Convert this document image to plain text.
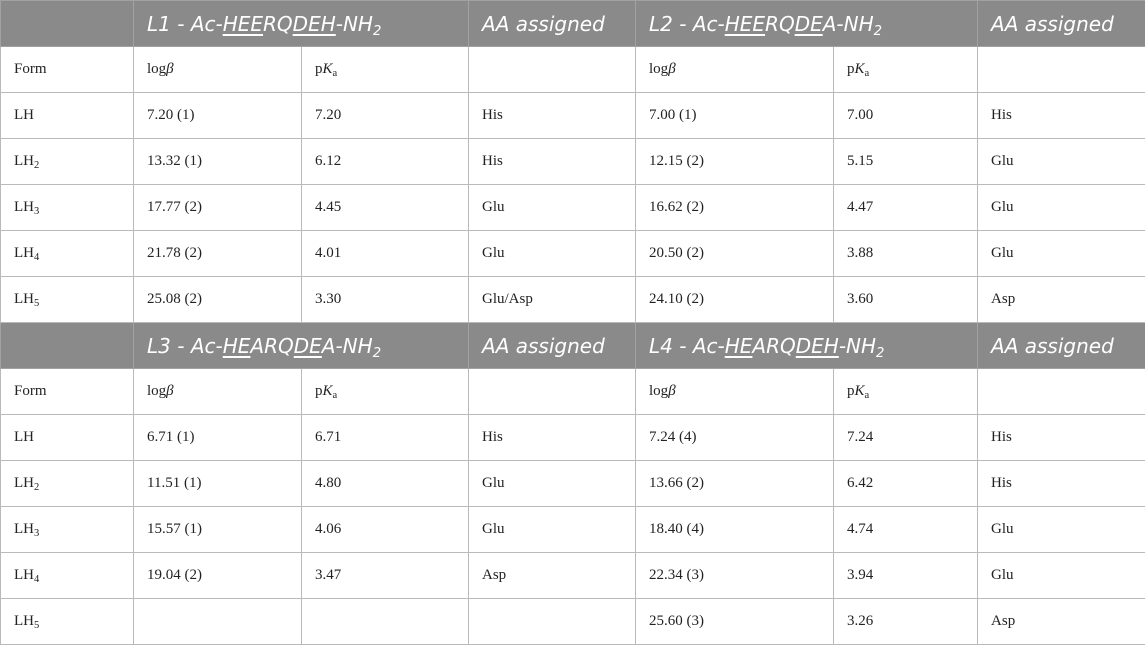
	$L1 - Ac-HEERQDEH-NH_2$		AA assigned	$L2 - Ac-HEERQDEA-NH_2$		AA assigned
Form	logβ	$pK_a$		logβ	$pK_a$	
LH	7.20 (1)	7.20	His	7.00 (1)	7.00	His
$LH_2$	13.32 (1)	6.12	His	12.15 (2)	5.15	Glu
$LH_3$	17.77 (2)	4.45	Glu	16.62 (2)	4.47	Glu
$LH_4$	21.78 (2)	4.01	Glu	20.50 (2)	3.88	Glu
$LH_5$	25.08 (2)	3.30	Glu/Asp	24.10 (2)	3.60	Asp
	$L3 - Ac-HEARQDEA-NH_2$		AA assigned	$L4 - Ac-HEARQDEH-NH_2$		AA assigned
Form	logβ	$pK_a$		logβ	$pK_a$	
LH	6.71 (1)	6.71	His	7.24 (4)	7.24	His
$LH_2$	11.51 (1)	4.80	Glu	13.66 (2)	6.42	His
$LH_3$	15.57 (1)	4.06	Glu	18.40 (4)	4.74	Glu
$LH_4$	19.04 (2)	3.47	Asp	22.34 (3)	3.94	Glu
$LH_5$				25.60 (3)	3.26	Asp
